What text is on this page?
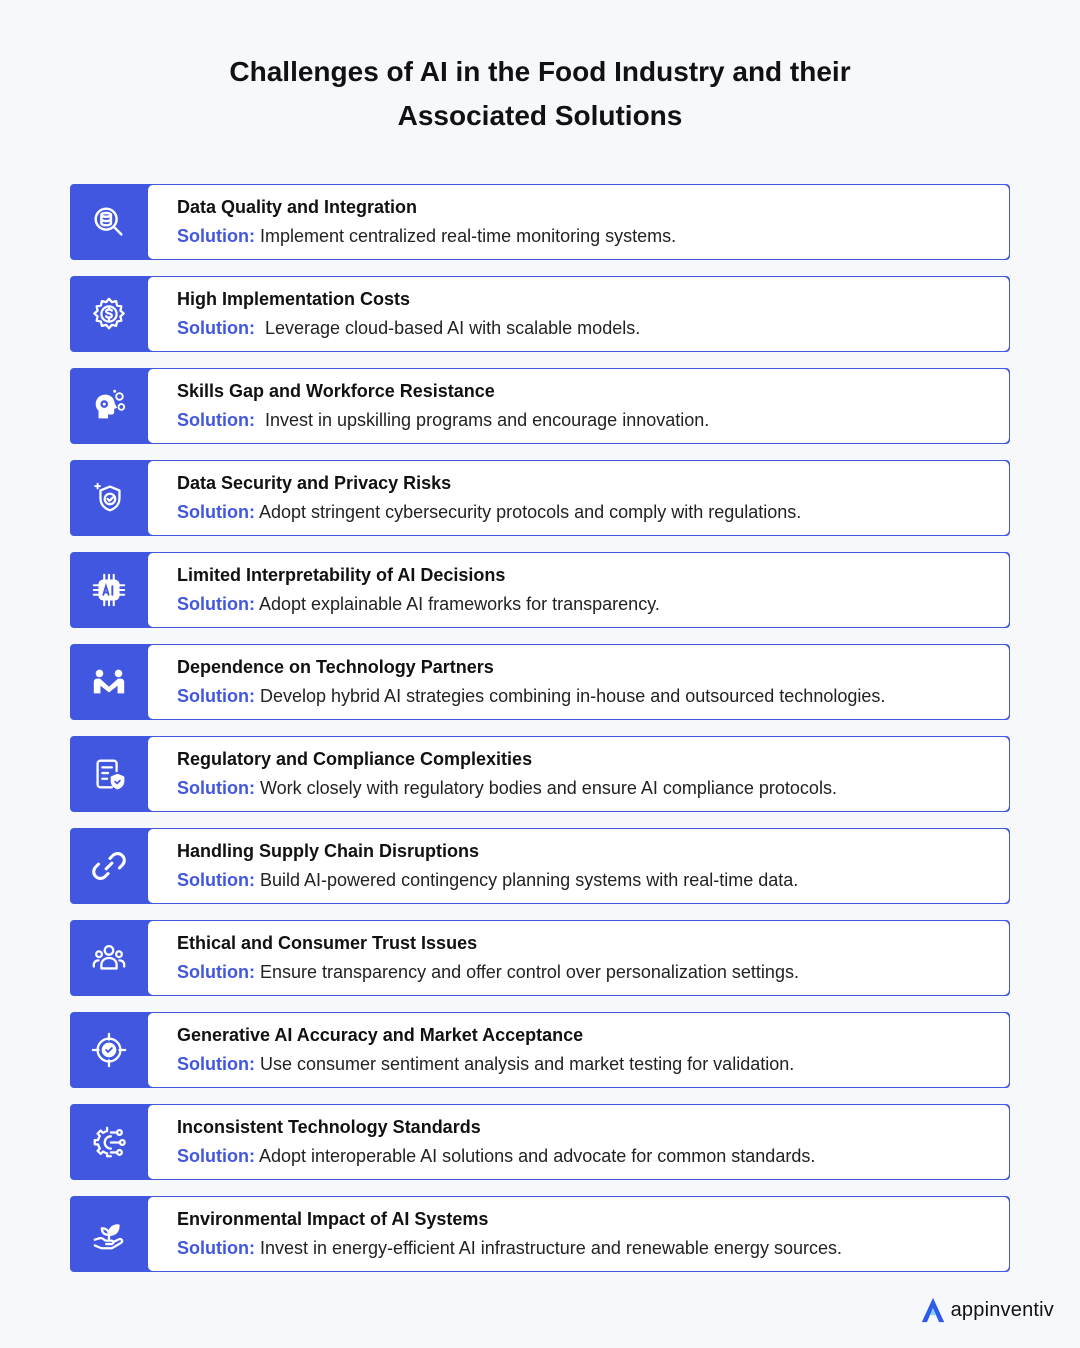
Challenges of AI in the Food Industry and their
Associated Solutions
Data Quality and Integration
Solution: Implement centralized real-time monitoring systems.
High Implementation Costs
Solution:  Leverage cloud-based AI with scalable models.
Skills Gap and Workforce Resistance
Solution:  Invest in upskilling programs and encourage innovation.
Data Security and Privacy Risks
Solution: Adopt stringent cybersecurity protocols and comply with regulations.
Limited Interpretability of AI Decisions
Solution: Adopt explainable AI frameworks for transparency.
Dependence on Technology Partners
Solution: Develop hybrid AI strategies combining in-house and outsourced technologies.
Regulatory and Compliance Complexities
Solution: Work closely with regulatory bodies and ensure AI compliance protocols.
Handling Supply Chain Disruptions
Solution: Build AI-powered contingency planning systems with real-time data.
Ethical and Consumer Trust Issues
Solution: Ensure transparency and offer control over personalization settings.
Generative AI Accuracy and Market Acceptance
Solution: Use consumer sentiment analysis and market testing for validation.
Inconsistent Technology Standards
Solution: Adopt interoperable AI solutions and advocate for common standards.
Environmental Impact of AI Systems
Solution: Invest in energy-efficient AI infrastructure and renewable energy sources.
appinventiv
